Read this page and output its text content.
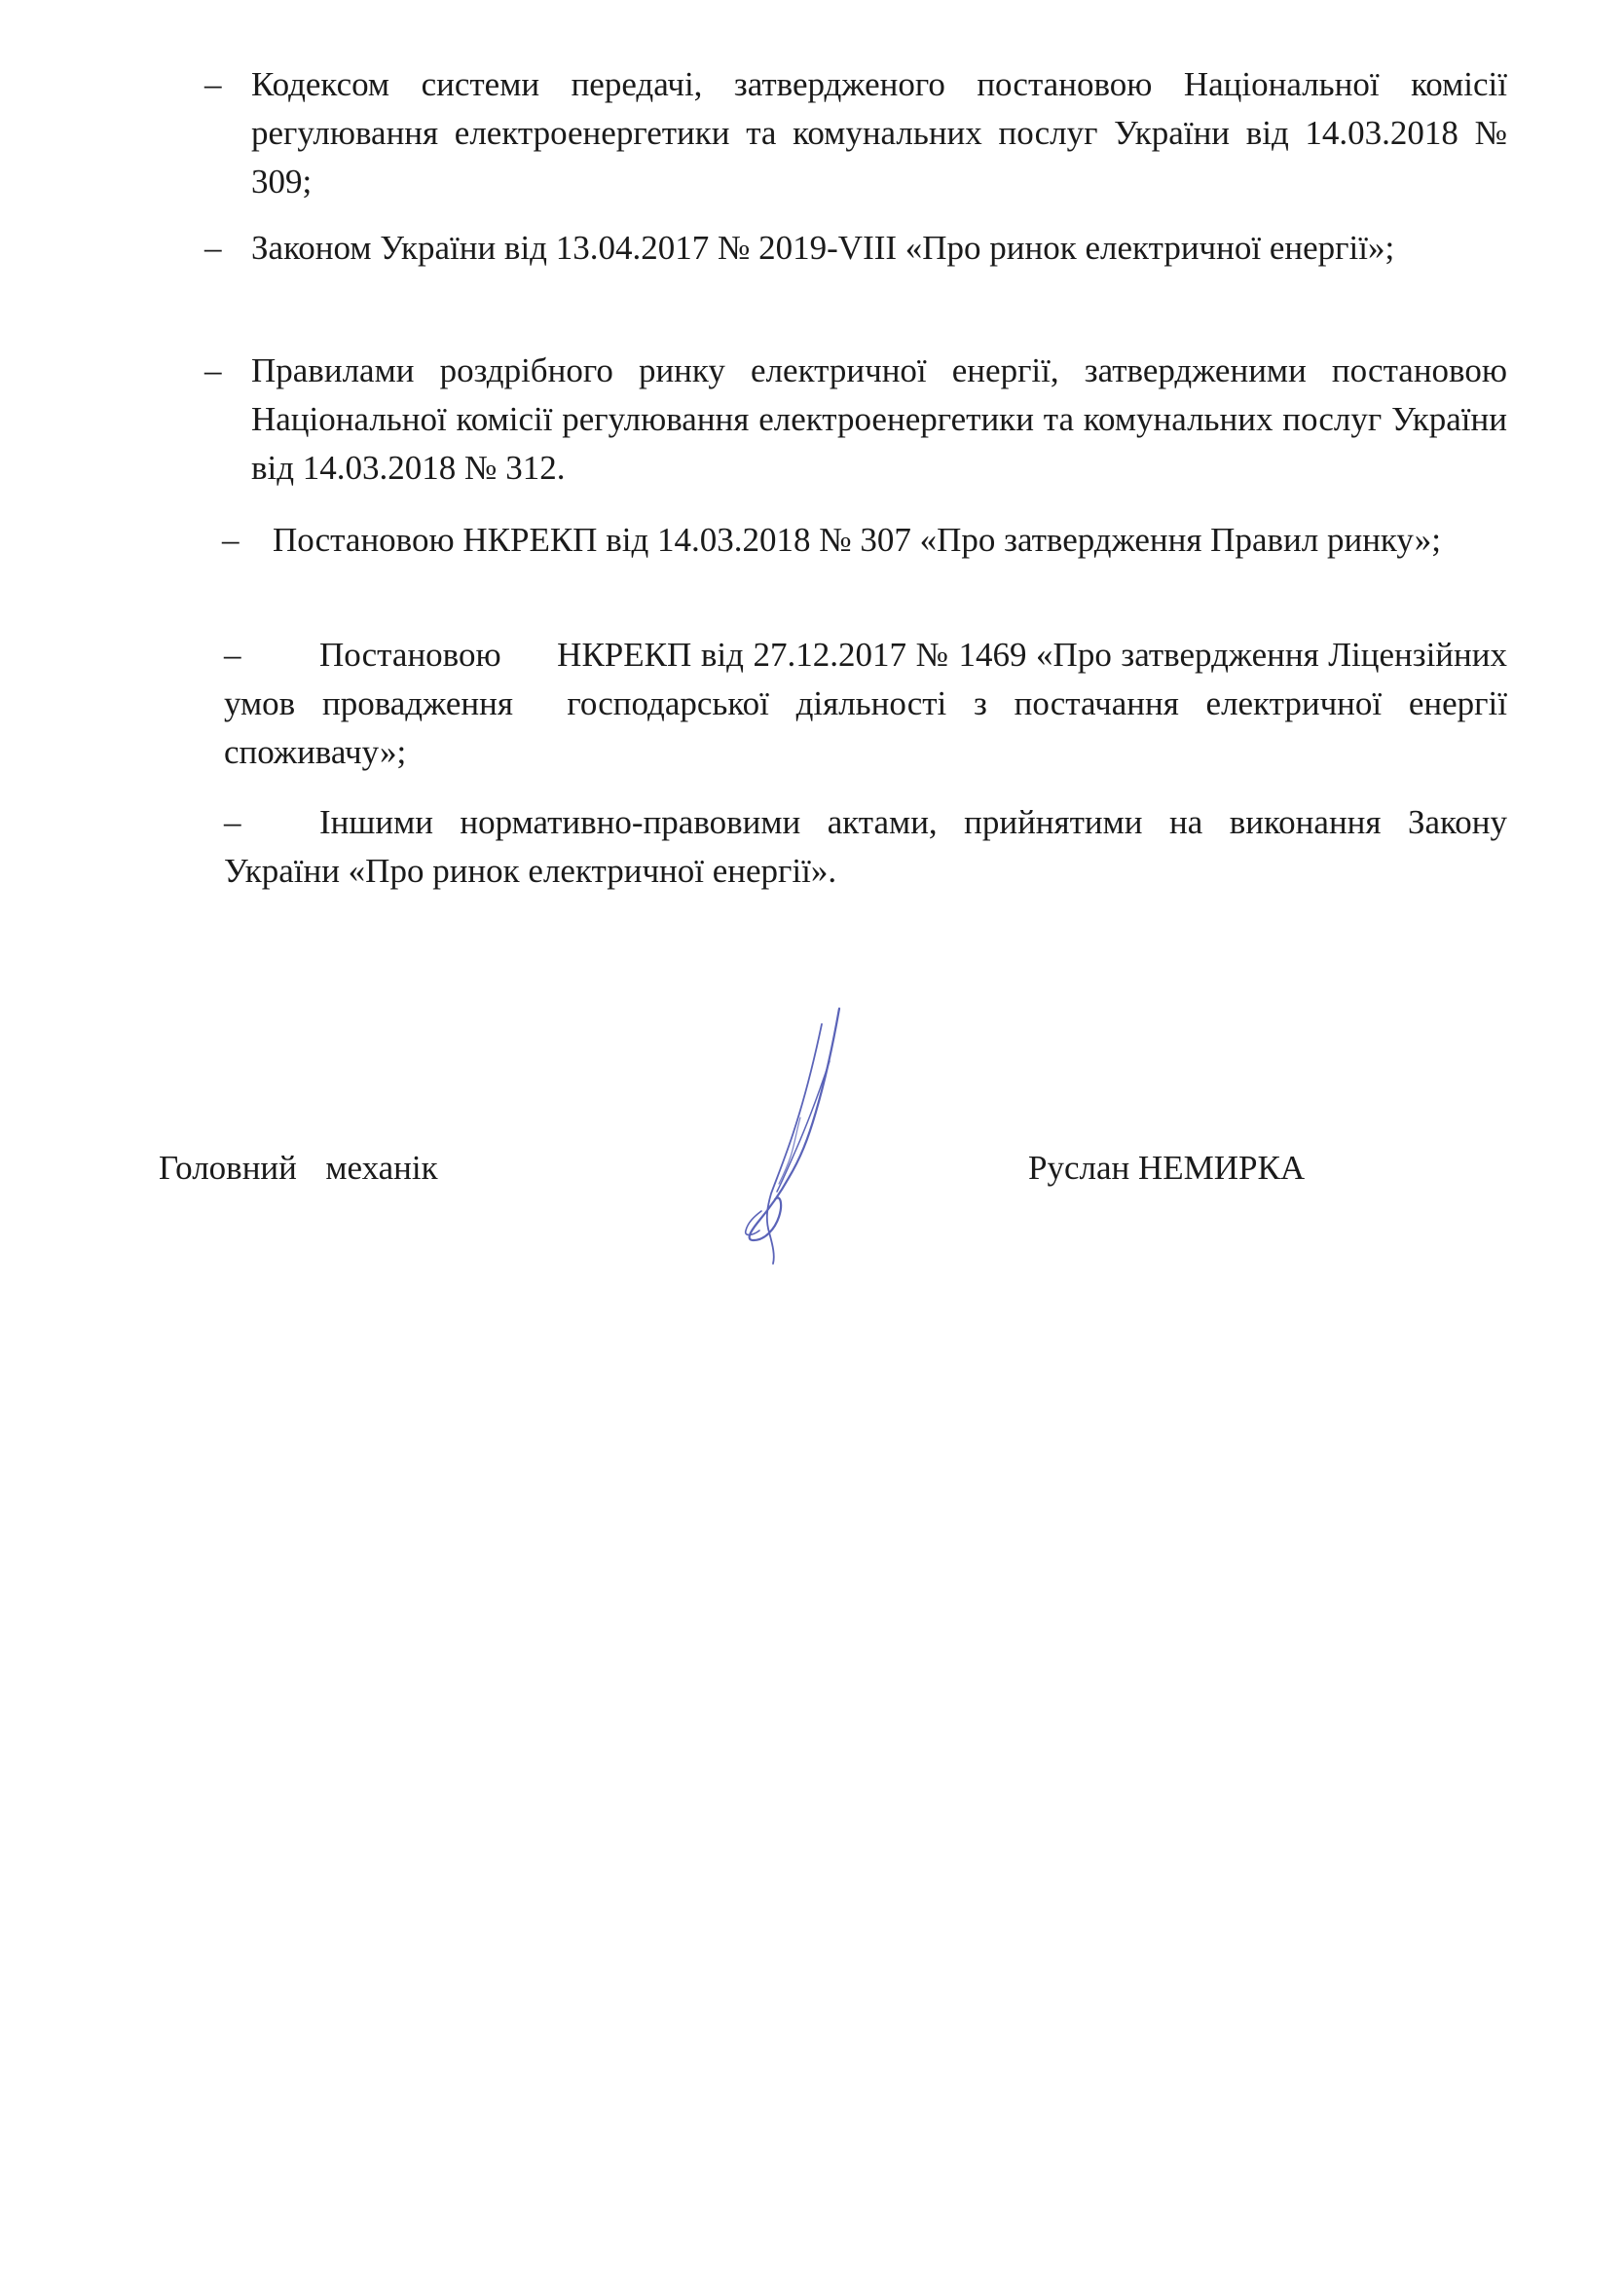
– Кодексом системи передачі, затвердженого постановою Національної комісії регулювання електроенергетики та комунальних послуг України від 14.03.2018 № 309;
– Законом України від 13.04.2017 № 2019-VIII «Про ринок електричної енергії»;
– Правилами роздрібного ринку електричної енергії, затвердженими постановою Національної комісії регулювання електроенергетики та комунальних послуг України від 14.03.2018 № 312.
– Постановою НКРЕКП від 14.03.2018 № 307 «Про затвердження Правил ринку»;
– Постановою      НКРЕКП від 27.12.2017 № 1469 «Про затвердження Ліцензійних умов провадження  господарської діяльності з постачання електричної енергії споживачу»;
– Іншими нормативно-правовими актами, прийнятими на виконання Закону України «Про ринок електричної енергії».
Головний  механік	Руслан НЕМИРКА
